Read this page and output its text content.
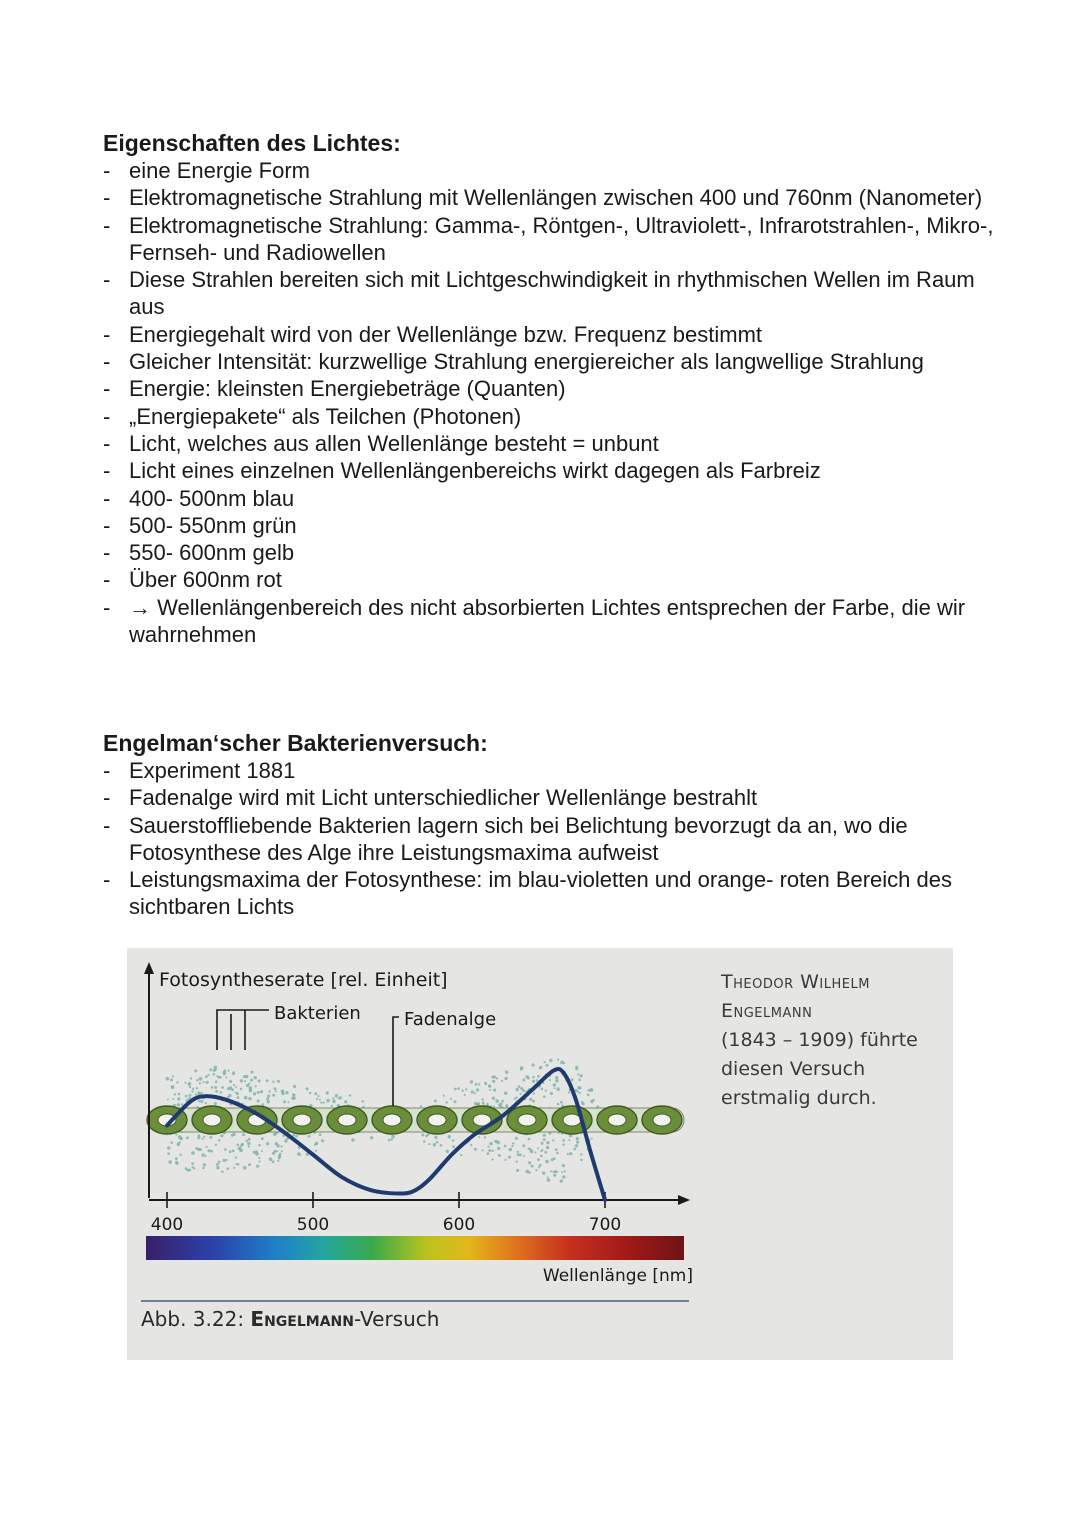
Eigenschaften des Lichtes:

- eine Energie Form
- Elektromagnetische Strahlung mit Wellenlängen zwischen 400 und 760nm (Nanometer)
- Elektromagnetische Strahlung: Gamma-, Röntgen-, Ultraviolett-, Infrarotstrahlen-, Mikro-, Fernseh- und Radiowellen
- Diese Strahlen bereiten sich mit Lichtgeschwindigkeit in rhythmischen Wellen im Raum aus
- Energiegehalt wird von der Wellenlänge bzw. Frequenz bestimmt
- Gleicher Intensität: kurzwellige Strahlung energiereicher als langwellige Strahlung
- Energie: kleinsten Energiebeträge (Quanten)
- „Energiepakete“ als Teilchen (Photonen)
- Licht, welches aus allen Wellenlänge besteht = unbunt
- Licht eines einzelnen Wellenlängenbereichs wirkt dagegen als Farbreiz
- 400- 500nm blau
- 500- 550nm grün
- 550- 600nm gelb
- Über 600nm rot
- → Wellenlängenbereich des nicht absorbierten Lichtes entsprechen der Farbe, die wir wahrnehmen

Engelman‘scher Bakterienversuch:

- Experiment 1881
- Fadenalge wird mit Licht unterschiedlicher Wellenlänge bestrahlt
- Sauerstoffliebende Bakterien lagern sich bei Belichtung bevorzugt da an, wo die Fotosynthese des Alge ihre Leistungsmaxima aufweist
- Leistungsmaxima der Fotosynthese: im blau-violetten und orange- roten Bereich des sichtbaren Lichts
400	500	600	700
Fotosyntheserate [rel. Einheit]
Bakterien Fadenalge
Wellenlänge [nm]
Theodor Wilhelm
Engelmann
(1843 – 1909) führte diesen Versuch erstmalig durch.
Abb. 3.22: Engelmann-Versuch
